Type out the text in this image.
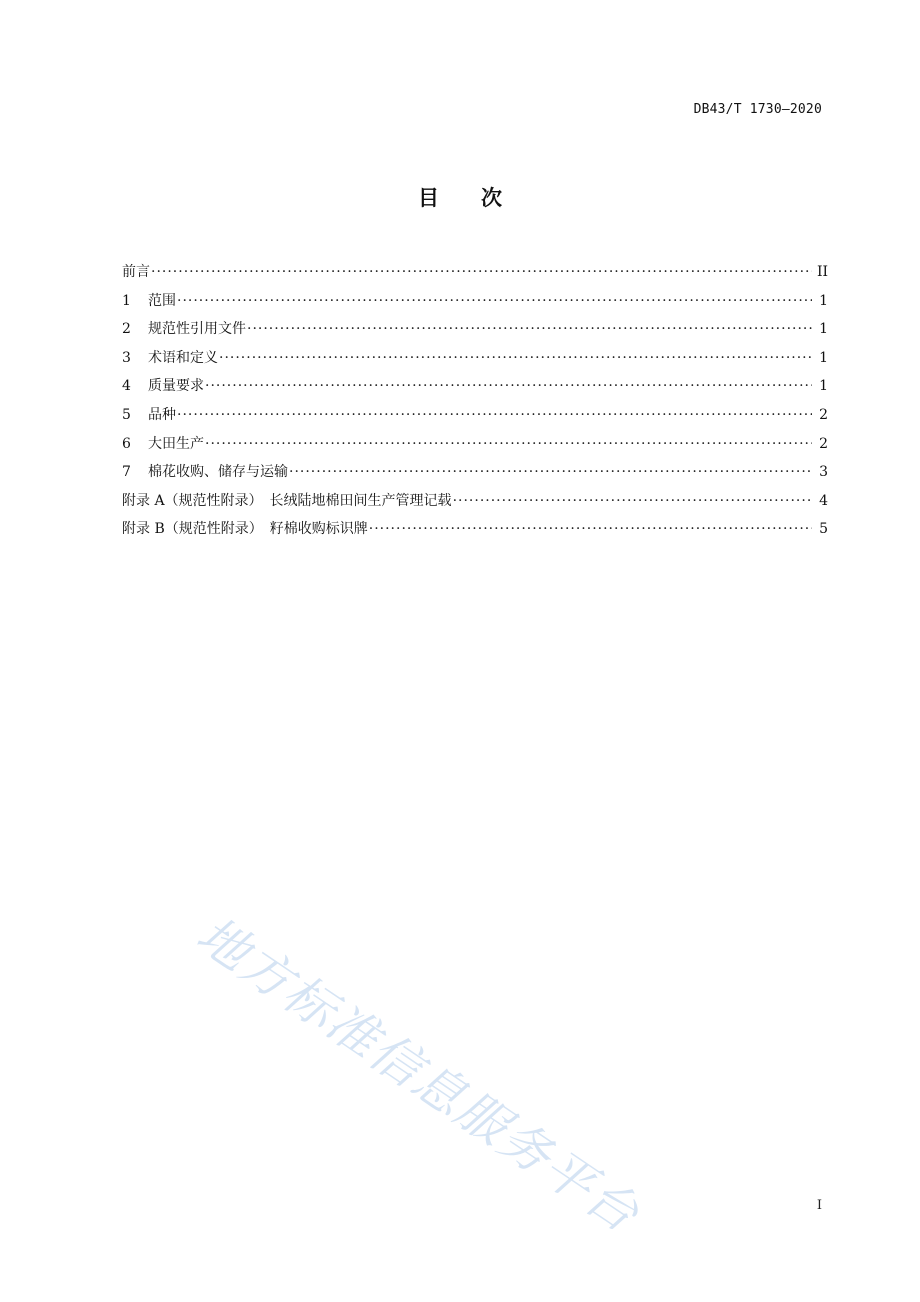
DB43/T 1730—2020
目　　次
前言 ·····	II
1	范围 ·····	1
2	规范性引用文件 ·····	1
3	术语和定义 ·····	1
4	质量要求 ·····	1
5	品种 ·····	2
6	大田生产 ·····	2
7	棉花收购、储存与运输 ·····	3
附录 A（规范性附录）　长绒陆地棉田间生产管理记载 ·····	4
附录 B（规范性附录）　籽棉收购标识牌 ·····	5
地方标准信息服务平台	I
